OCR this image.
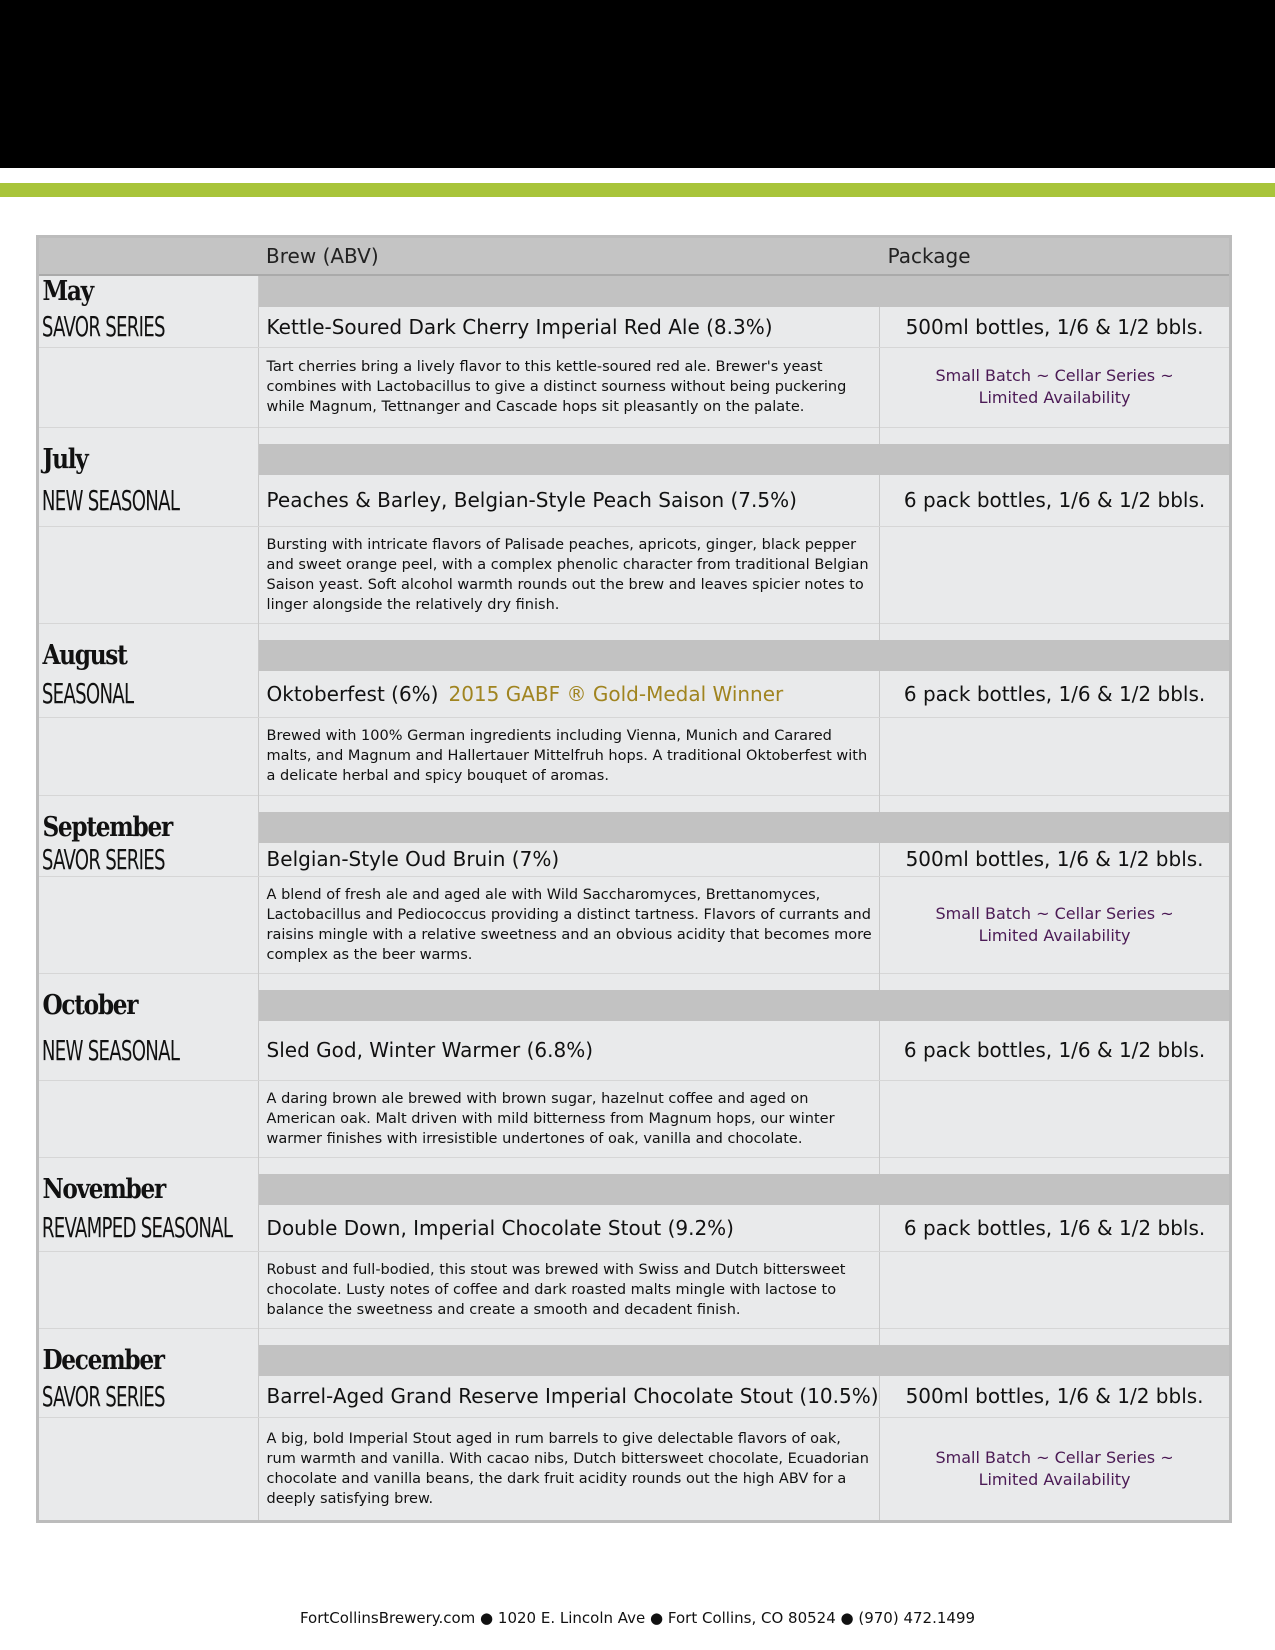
	Brew (ABV)	Package
May		
SAVOR SERIES	Kettle-Soured Dark Cherry Imperial Red Ale (8.3%)	500ml bottles, 1/6 & 1/2 bbls.
	Tart cherries bring a lively flavor to this kettle-soured red ale. Brewer's yeast combines with Lactobacillus to give a distinct sourness without being puckering while Magnum, Tettnanger and Cascade hops sit pleasantly on the palate.	Small Batch ~ Cellar Series ~
Limited Availability

July		
NEW SEASONAL	Peaches & Barley, Belgian-Style Peach Saison (7.5%)	6 pack bottles, 1/6 & 1/2 bbls.
	Bursting with intricate flavors of Palisade peaches, apricots, ginger, black pepper and sweet orange peel, with a complex phenolic character from traditional Belgian Saison yeast. Soft alcohol warmth rounds out the brew and leaves spicier notes to linger alongside the relatively dry finish.	

August		
SEASONAL	Oktoberfest (6%) 2015 GABF ® Gold-Medal Winner	6 pack bottles, 1/6 & 1/2 bbls.
	Brewed with 100% German ingredients including Vienna, Munich and Carared malts, and Magnum and Hallertauer Mittelfruh hops. A traditional Oktoberfest with a delicate herbal and spicy bouquet of aromas.	

September		
SAVOR SERIES	Belgian-Style Oud Bruin (7%)	500ml bottles, 1/6 & 1/2 bbls.
	A blend of fresh ale and aged ale with Wild Saccharomyces, Brettanomyces, Lactobacillus and Pediococcus providing a distinct tartness. Flavors of currants and raisins mingle with a relative sweetness and an obvious acidity that becomes more complex as the beer warms.	Small Batch ~ Cellar Series ~
Limited Availability

October		
NEW SEASONAL	Sled God, Winter Warmer (6.8%)	6 pack bottles, 1/6 & 1/2 bbls.
	A daring brown ale brewed with brown sugar, hazelnut coffee and aged on American oak. Malt driven with mild bitterness from Magnum hops, our winter warmer finishes with irresistible undertones of oak, vanilla and chocolate.	

November		
REVAMPED SEASONAL	Double Down, Imperial Chocolate Stout (9.2%)	6 pack bottles, 1/6 & 1/2 bbls.
	Robust and full-bodied, this stout was brewed with Swiss and Dutch bittersweet chocolate. Lusty notes of coffee and dark roasted malts mingle with lactose to balance the sweetness and create a smooth and decadent finish.	

December		
SAVOR SERIES	Barrel-Aged Grand Reserve Imperial Chocolate Stout (10.5%)	500ml bottles, 1/6 & 1/2 bbls.
	A big, bold Imperial Stout aged in rum barrels to give delectable flavors of oak, rum warmth and vanilla. With cacao nibs, Dutch bittersweet chocolate, Ecuadorian chocolate and vanilla beans, the dark fruit acidity rounds out the high ABV for a deeply satisfying brew.	Small Batch ~ Cellar Series ~
Limited Availability
FortCollinsBrewery.com ● 1020 E. Lincoln Ave ● Fort Collins, CO 80524 ● (970) 472.1499
